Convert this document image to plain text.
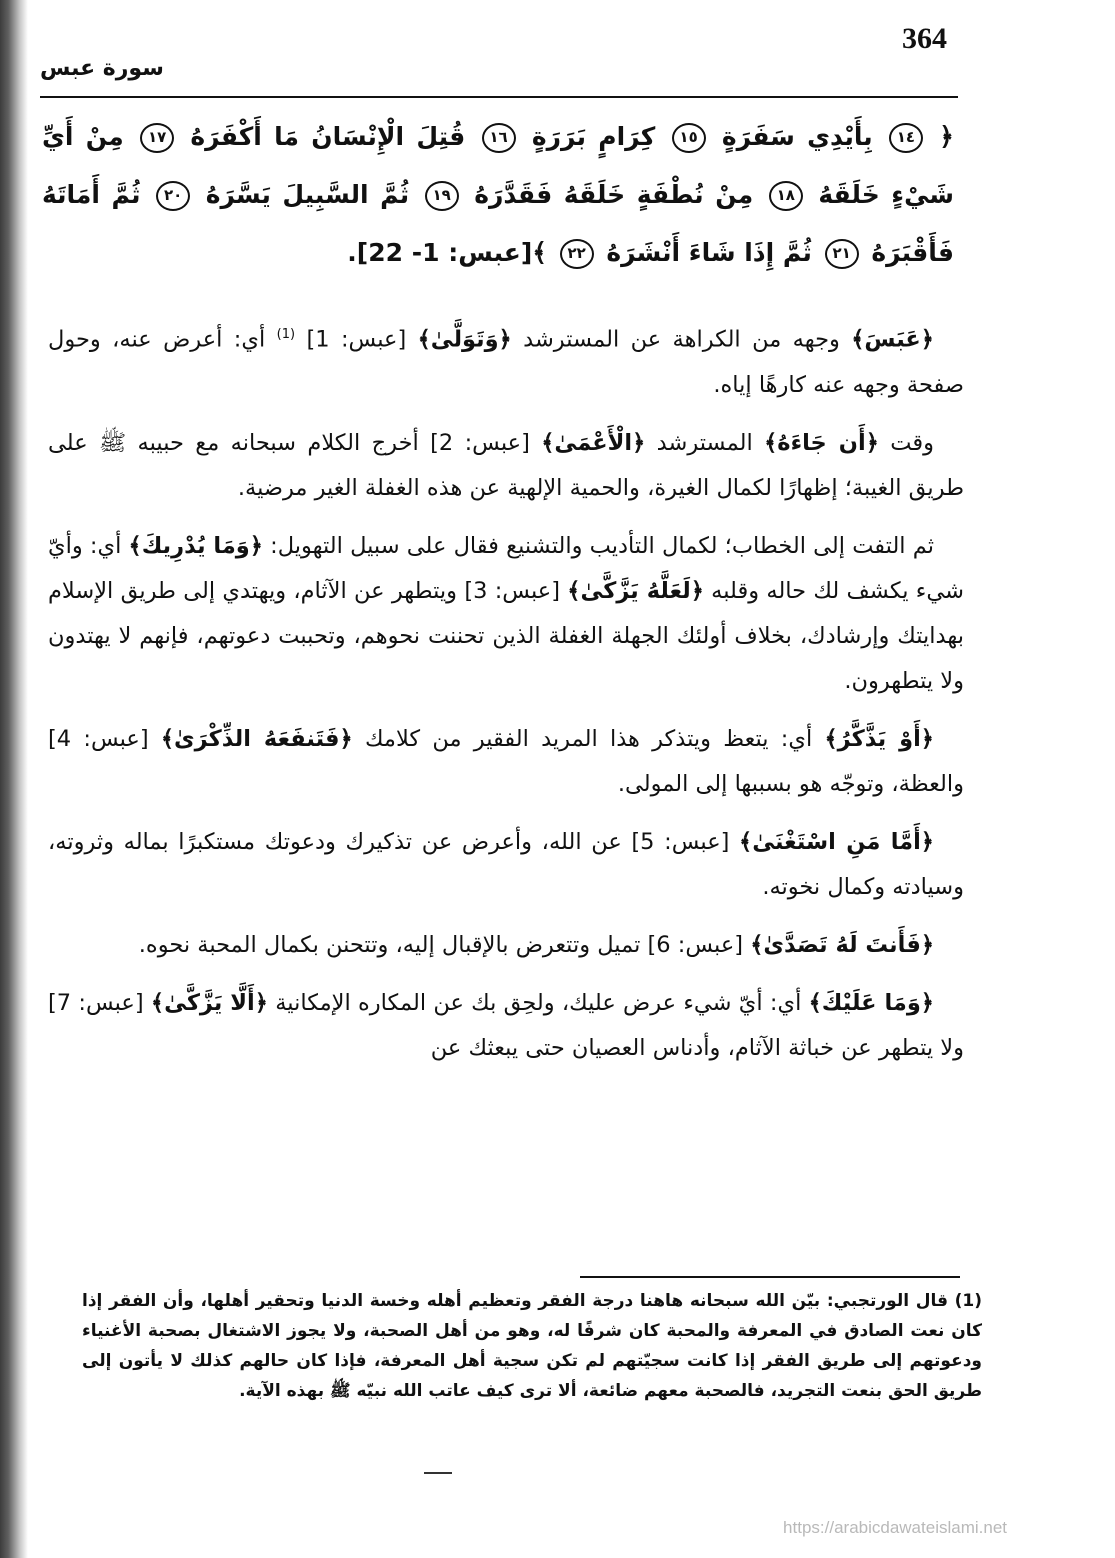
364
سورة عبس
﴿ ١٤ بِأَيْدِي سَفَرَةٍ ١٥ كِرَامٍ بَرَرَةٍ ١٦ قُتِلَ الْإِنْسَانُ مَا أَكْفَرَهُ ١٧ مِنْ أَيِّ شَيْءٍ خَلَقَهُ ١٨ مِنْ نُطْفَةٍ خَلَقَهُ فَقَدَّرَهُ ١٩ ثُمَّ السَّبِيلَ يَسَّرَهُ ٢٠ ثُمَّ أَمَاتَهُ فَأَقْبَرَهُ ٢١ ثُمَّ إِذَا شَاءَ أَنْشَرَهُ ٢٢ ﴾[عبس: 1- 22].

﴿عَبَسَ﴾ وجهه من الكراهة عن المسترشد ﴿وَتَوَلَّىٰ﴾ [عبس: 1] $^{(1)}$ أي: أعرض عنه، وحول صفحة وجهه عنه كارهًا إياه.

وقت ﴿أَن جَاءَهُ﴾ المسترشد ﴿الْأَعْمَىٰ﴾ [عبس: 2] أخرج الكلام سبحانه مع حبيبه ﷺ على طريق الغيبة؛ إظهارًا لكمال الغيرة، والحمية الإلهية عن هذه الغفلة الغير مرضية.

ثم التفت إلى الخطاب؛ لكمال التأديب والتشنيع فقال على سبيل التهويل: ﴿وَمَا يُدْرِيكَ﴾ أي: وأيّ شيء يكشف لك حاله وقلبه ﴿لَعَلَّهُ يَزَّكَّىٰ﴾ [عبس: 3] ويتطهر عن الآثام، ويهتدي إلى طريق الإسلام بهدايتك وإرشادك، بخلاف أولئك الجهلة الغفلة الذين تحننت نحوهم، وتحببت دعوتهم، فإنهم لا يهتدون ولا يتطهرون.

﴿أَوْ يَذَّكَّرُ﴾ أي: يتعظ ويتذكر هذا المريد الفقير من كلامك ﴿فَتَنفَعَهُ الذِّكْرَىٰ﴾ [عبس: 4] والعظة، وتوجّه هو بسببها إلى المولى.

﴿أَمَّا مَنِ اسْتَغْنَىٰ﴾ [عبس: 5] عن الله، وأعرض عن تذكيرك ودعوتك مستكبرًا بماله وثروته، وسيادته وكمال نخوته.

﴿فَأَنتَ لَهُ تَصَدَّىٰ﴾ [عبس: 6] تميل وتتعرض بالإقبال إليه، وتتحنن بكمال المحبة نحوه.

﴿وَمَا عَلَيْكَ﴾ أي: أيّ شيء عرض عليك، ولحِق بك عن المكاره الإمكانية ﴿أَلَّا يَزَّكَّىٰ﴾ [عبس: 7] ولا يتطهر عن خباثة الآثام، وأدناس العصيان حتى يبعثك عن

(1) قال الورتجبي: بيّن الله سبحانه هاهنا درجة الفقر وتعظيم أهله وخسة الدنيا وتحقير أهلها، وأن الفقر إذا كان نعت الصادق في المعرفة والمحبة كان شرفًا له، وهو من أهل الصحبة، ولا يجوز الاشتغال بصحبة الأغنياء ودعوتهم إلى طريق الفقر إذا كانت سجيّتهم لم تكن سجية أهل المعرفة، فإذا كان حالهم كذلك لا يأتون إلى طريق الحق بنعت التجريد، فالصحبة معهم ضائعة، ألا ترى كيف عاتب الله نبيّه ﷺ بهذه الآية.

https://arabicdawateislami.net
